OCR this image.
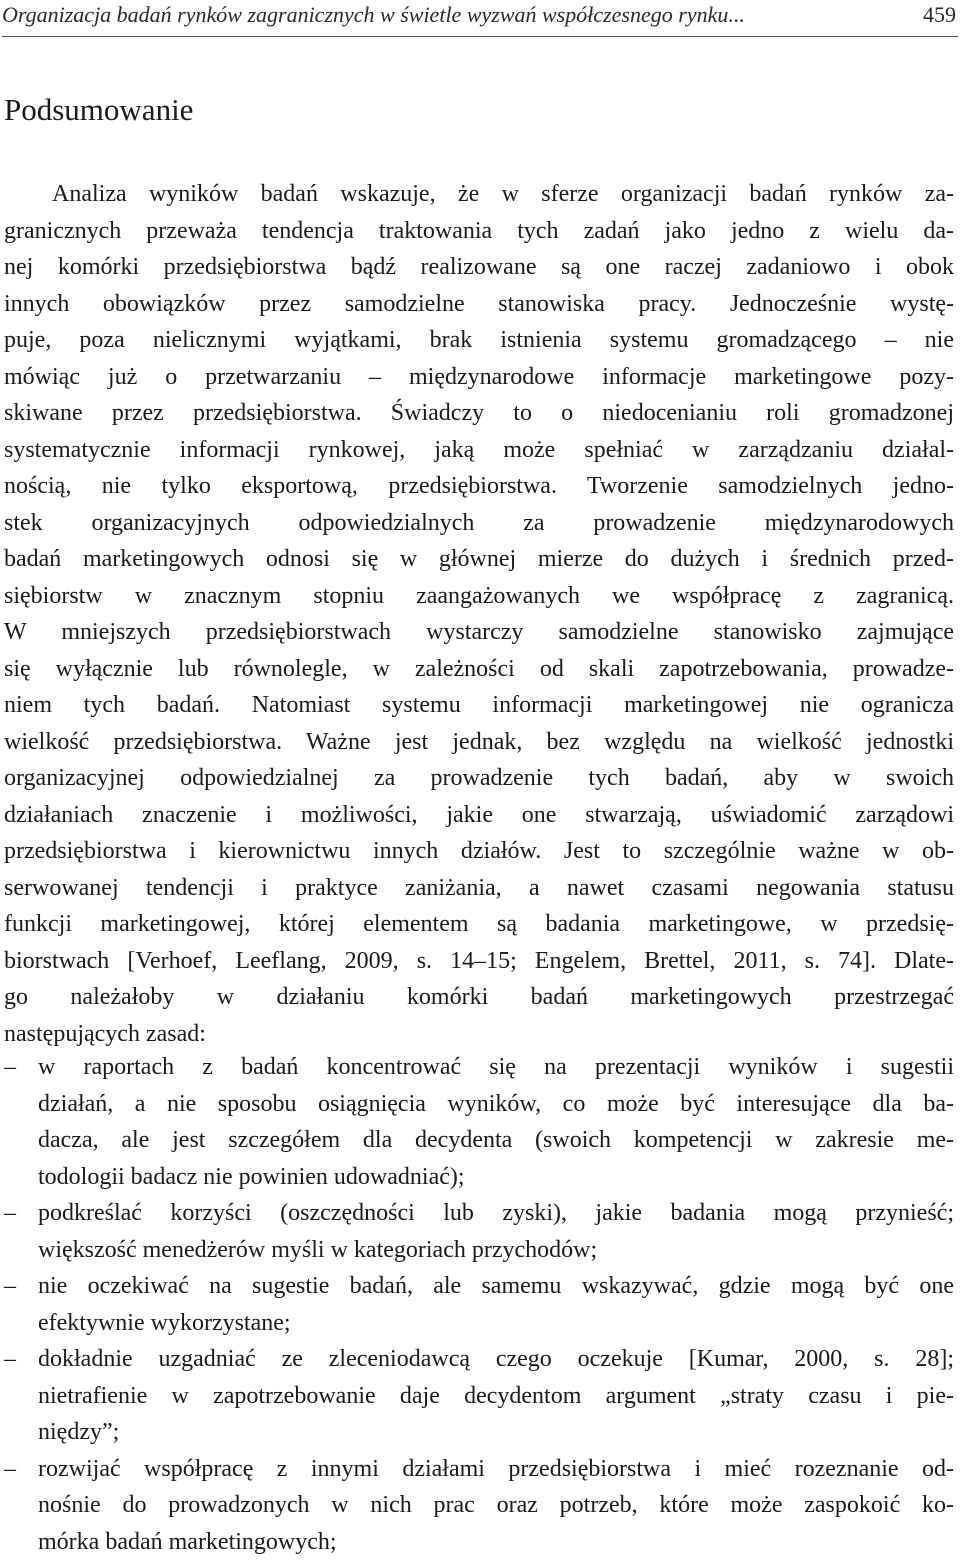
Organizacja badań rynków zagranicznych w świetle wyzwań współczesnego rynku...	459
Podsumowanie
Analiza wyników badań wskazuje, że w sferze organizacji badań rynków za-
granicznych przeważa tendencja traktowania tych zadań jako jedno z wielu da-
nej komórki przedsiębiorstwa bądź realizowane są one raczej zadaniowo i obok
innych obowiązków przez samodzielne stanowiska pracy. Jednocześnie wystę-
puje, poza nielicznymi wyjątkami, brak istnienia systemu gromadzącego – nie
mówiąc już o przetwarzaniu – międzynarodowe informacje marketingowe pozy-
skiwane przez przedsiębiorstwa. Świadczy to o niedocenianiu roli gromadzonej
systematycznie informacji rynkowej, jaką może spełniać w zarządzaniu działal-
nością, nie tylko eksportową, przedsiębiorstwa. Tworzenie samodzielnych jedno-
stek organizacyjnych odpowiedzialnych za prowadzenie międzynarodowych
badań marketingowych odnosi się w głównej mierze do dużych i średnich przed-
siębiorstw w znacznym stopniu zaangażowanych we współpracę z zagranicą.
W mniejszych przedsiębiorstwach wystarczy samodzielne stanowisko zajmujące
się wyłącznie lub równolegle, w zależności od skali zapotrzebowania, prowadze-
niem tych badań. Natomiast systemu informacji marketingowej nie ogranicza
wielkość przedsiębiorstwa. Ważne jest jednak, bez względu na wielkość jednostki
organizacyjnej odpowiedzialnej za prowadzenie tych badań, aby w swoich
działaniach znaczenie i możliwości, jakie one stwarzają, uświadomić zarządowi
przedsiębiorstwa i kierownictwu innych działów. Jest to szczególnie ważne w ob-
serwowanej tendencji i praktyce zaniżania, a nawet czasami negowania statusu
funkcji marketingowej, której elementem są badania marketingowe, w przedsię-
biorstwach [Verhoef, Leeflang, 2009, s. 14–15; Engelem, Brettel, 2011, s. 74]. Dlate-
go należałoby w działaniu komórki badań marketingowych przestrzegać
następujących zasad:
– w raportach z badań koncentrować się na prezentacji wyników i sugestii
działań, a nie sposobu osiągnięcia wyników, co może być interesujące dla ba-
dacza, ale jest szczegółem dla decydenta (swoich kompetencji w zakresie me-
todologii badacz nie powinien udowadniać);
– podkreślać korzyści (oszczędności lub zyski), jakie badania mogą przynieść;
większość menedżerów myśli w kategoriach przychodów;
– nie oczekiwać na sugestie badań, ale samemu wskazywać, gdzie mogą być one
efektywnie wykorzystane;
– dokładnie uzgadniać ze zleceniodawcą czego oczekuje [Kumar, 2000, s. 28];
nietrafienie w zapotrzebowanie daje decydentom argument „straty czasu i pie-
niędzy”;
– rozwijać współpracę z innymi działami przedsiębiorstwa i mieć rozeznanie od-
nośnie do prowadzonych w nich prac oraz potrzeb, które może zaspokoić ko-
mórka badań marketingowych;
